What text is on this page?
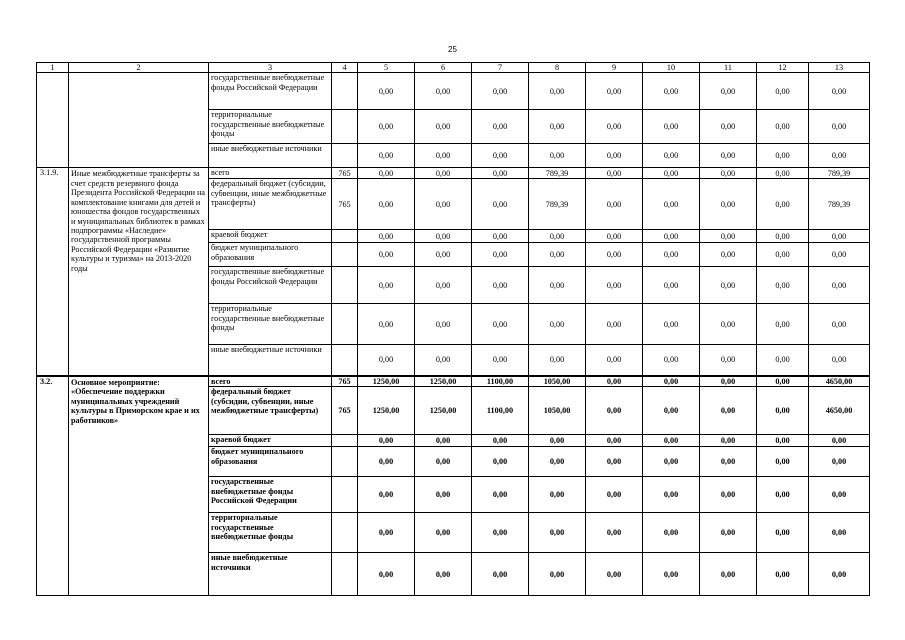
25
1	2	3	4	5	6	7	8	9	10	11	12	13
		государственные внебюджетные фонды Российской Федерации		0,00	0,00	0,00	0,00	0,00	0,00	0,00	0,00	0,00
		территориальные государственные внебюджетные фонды		0,00	0,00	0,00	0,00	0,00	0,00	0,00	0,00	0,00
		иные внебюджетные источники		0,00	0,00	0,00	0,00	0,00	0,00	0,00	0,00	0,00
3.1.9.	Иные межбюджетные трансферты за счет средств резервного фонда Президента Российской Федерации на комплектование книгами для детей и юношества фондов государственных и муниципальных библиотек в рамках подпрограммы «Наследие» государственной программы Российской Федерации «Развитие культуры и туризма» на 2013-2020 годы	всего	765	0,00	0,00	0,00	789,39	0,00	0,00	0,00	0,00	789,39
		федеральный бюджет (субсидии, субвенции, иные межбюджетные трансферты)	765	0,00	0,00	0,00	789,39	0,00	0,00	0,00	0,00	789,39
		краевой бюджет		0,00	0,00	0,00	0,00	0,00	0,00	0,00	0,00	0,00
		бюджет муниципального образования		0,00	0,00	0,00	0,00	0,00	0,00	0,00	0,00	0,00
		государственные внебюджетные фонды Российской Федерации		0,00	0,00	0,00	0,00	0,00	0,00	0,00	0,00	0,00
		территориальные государственные внебюджетные фонды		0,00	0,00	0,00	0,00	0,00	0,00	0,00	0,00	0,00
		иные внебюджетные источники		0,00	0,00	0,00	0,00	0,00	0,00	0,00	0,00	0,00
3.2.	Основное мероприятие: «Обеспечение поддержки муниципальных учреждений культуры в Приморском крае и их работников»	всего	765	1250,00	1250,00	1100,00	1050,00	0,00	0,00	0,00	0,00	4650,00
		федеральный бюджет (субсидии, субвенции, иные межбюджетные трансферты)	765	1250,00	1250,00	1100,00	1050,00	0,00	0,00	0,00	0,00	4650,00
		краевой бюджет		0,00	0,00	0,00	0,00	0,00	0,00	0,00	0,00	0,00
		бюджет муниципального образования		0,00	0,00	0,00	0,00	0,00	0,00	0,00	0,00	0,00
		государственные внебюджетные фонды Российской Федерации		0,00	0,00	0,00	0,00	0,00	0,00	0,00	0,00	0,00
		территориальные государственные внебюджетные фонды		0,00	0,00	0,00	0,00	0,00	0,00	0,00	0,00	0,00
		иные внебюджетные источники		0,00	0,00	0,00	0,00	0,00	0,00	0,00	0,00	0,00
